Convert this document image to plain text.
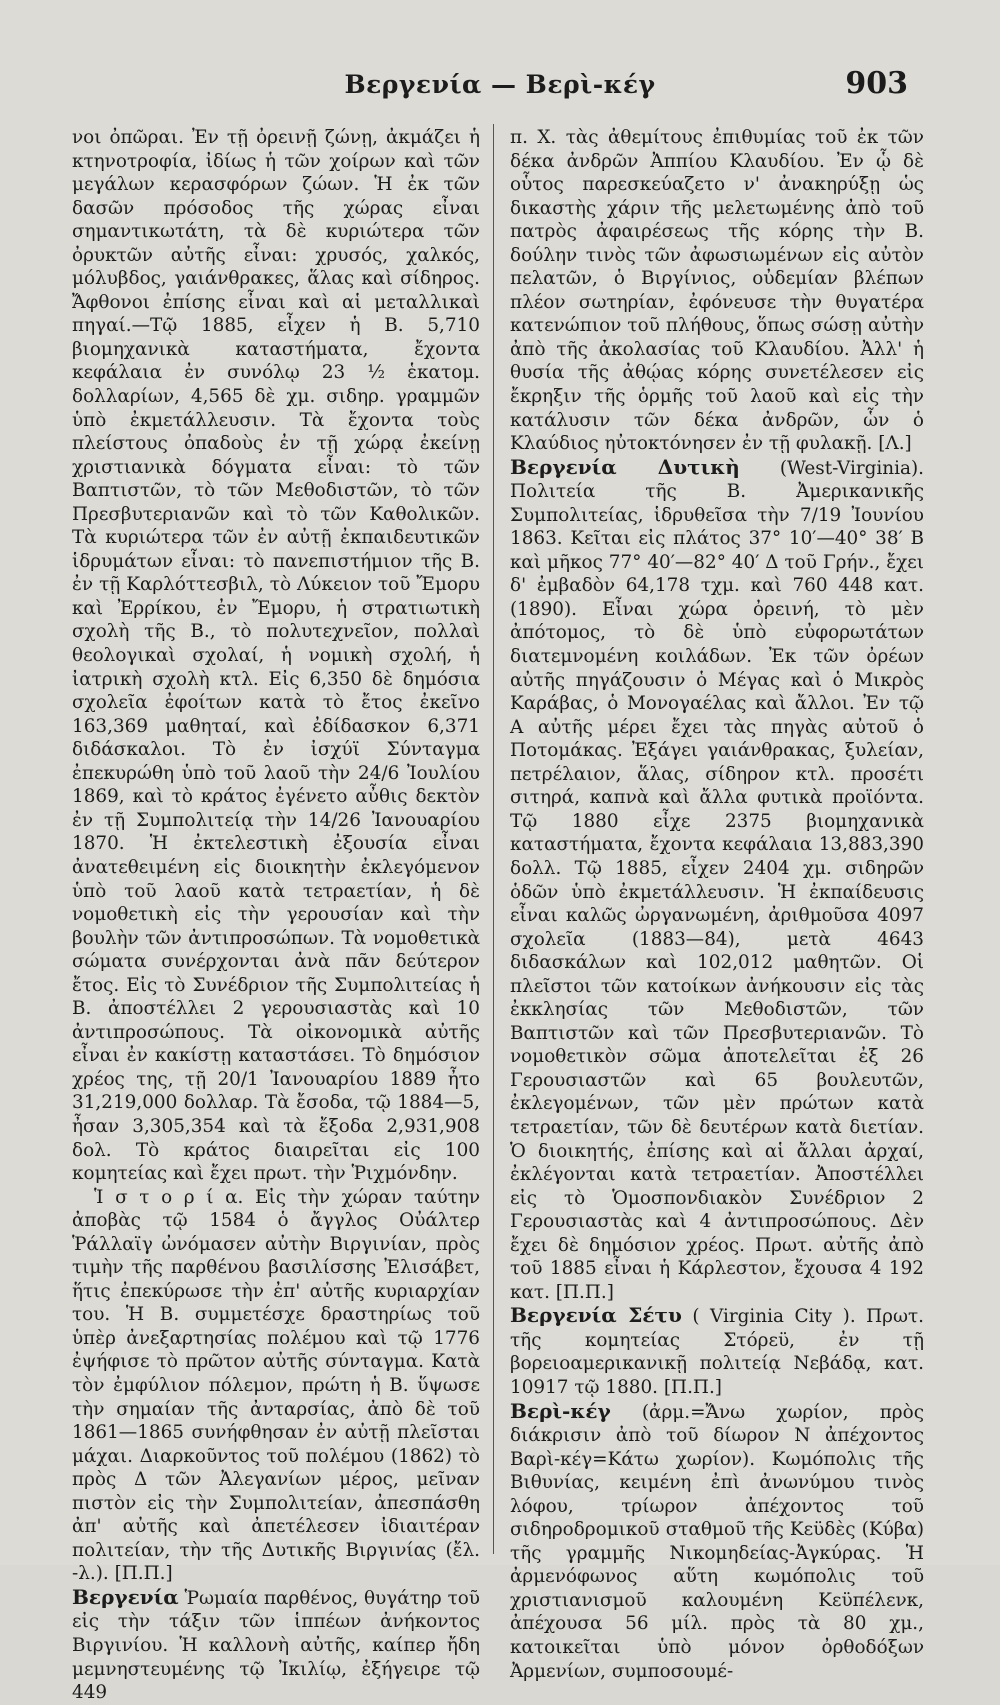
Βεργενία — Βερὶ-κέγ	903

νοι ὀπῶραι. Ἐν τῇ ὀρεινῇ ζώνῃ, ἀκμάζει ἡ κτηνοτροφία, ἰδίως ἡ τῶν χοίρων καὶ τῶν μεγάλων κερασφόρων ζώων. Ἡ ἐκ τῶν δασῶν πρόσοδος τῆς χώρας εἶναι σημαντικωτάτη, τὰ δὲ κυριώτερα τῶν ὀρυκτῶν αὐτῆς εἶναι: χρυσός, χαλκός, μόλυβδος, γαιάνθρακες, ἅλας καὶ σίδηρος. Ἄφθονοι ἐπίσης εἶναι καὶ αἱ μεταλλικαὶ πηγαί.—Τῷ 1885, εἶχεν ἡ Β. 5,710 βιομηχανικὰ καταστήματα, ἔχοντα κεφάλαια ἐν συνόλῳ 23 ½ ἑκατομ. δολλαρίων, 4,565 δὲ χμ. σιδηρ. γραμμῶν ὑπὸ ἐκμετάλλευσιν. Τὰ ἔχοντα τοὺς πλείστους ὀπαδοὺς ἐν τῇ χώρᾳ ἐκείνῃ χριστιανικὰ δόγματα εἶναι: τὸ τῶν Βαπτιστῶν, τὸ τῶν Μεθοδιστῶν, τὸ τῶν Πρεσβυτεριανῶν καὶ τὸ τῶν Καθολικῶν. Τὰ κυριώτερα τῶν ἐν αὐτῇ ἐκπαιδευτικῶν ἱδρυμάτων εἶναι: τὸ πανεπιστήμιον τῆς Β. ἐν τῇ Καρλόττεσβιλ, τὸ Λύκειον τοῦ Ἔμορυ καὶ Ἐρρίκου, ἐν Ἔμορυ, ἡ στρατιωτικὴ σχολὴ τῆς Β., τὸ πολυτεχνεῖον, πολλαὶ θεολογικαὶ σχολαί, ἡ νομικὴ σχολή, ἡ ἰατρικὴ σχολὴ κτλ. Εἰς 6,350 δὲ δημόσια σχολεῖα ἐφοίτων κατὰ τὸ ἔτος ἐκεῖνο 163,369 μαθηταί, καὶ ἐδίδασκον 6,371 διδάσκαλοι. Τὸ ἐν ἰσχύϊ Σύνταγμα ἐπεκυρώθη ὑπὸ τοῦ λαοῦ τὴν 24/6 Ἰουλίου 1869, καὶ τὸ κράτος ἐγένετο αὖθις δεκτὸν ἐν τῇ Συμπολιτείᾳ τὴν 14/26 Ἰανουαρίου 1870. Ἡ ἐκτελεστικὴ ἐξουσία εἶναι ἀνατεθειμένη εἰς διοικητὴν ἐκλεγόμενον ὑπὸ τοῦ λαοῦ κατὰ τετραετίαν, ἡ δὲ νομοθετικὴ εἰς τὴν γερουσίαν καὶ τὴν βουλὴν τῶν ἀντιπροσώπων. Τὰ νομοθετικὰ σώματα συνέρχονται ἀνὰ πᾶν δεύτερον ἔτος. Εἰς τὸ Συνέδριον τῆς Συμπολιτείας ἡ Β. ἀποστέλλει 2 γερουσιαστὰς καὶ 10 ἀντιπροσώπους. Τὰ οἰκονομικὰ αὐτῆς εἶναι ἐν κακίστῃ καταστάσει. Τὸ δημόσιον χρέος της, τῇ 20/1 Ἰανουαρίου 1889 ἦτο 31,219,000 δολλαρ. Τὰ ἔσοδα, τῷ 1884—5, ἦσαν 3,305,354 καὶ τὰ ἔξοδα 2,931,908 δολ. Τὸ κράτος διαιρεῖται εἰς 100 κομητείας καὶ ἔχει πρωτ. τὴν Ῥιχμόνδην.

Ἱ σ τ ο ρ ί α. Εἰς τὴν χώραν ταύτην ἀποβὰς τῷ 1584 ὁ ἄγγλος Οὐάλτερ Ῥάλλαϊγ ὠνόμασεν αὐτὴν Βιργινίαν, πρὸς τιμὴν τῆς παρθένου βασιλίσσης Ἐλισάβετ, ἥτις ἐπεκύρωσε τὴν ἐπ' αὐτῆς κυριαρχίαν του. Ἡ Β. συμμετέσχε δραστηρίως τοῦ ὑπὲρ ἀνεξαρτησίας πολέμου καὶ τῷ 1776 ἐψήφισε τὸ πρῶτον αὐτῆς σύνταγμα. Κατὰ τὸν ἐμφύλιον πόλεμον, πρώτη ἡ Β. ὕψωσε τὴν σημαίαν τῆς ἀνταρσίας, ἀπὸ δὲ τοῦ 1861—1865 συνήφθησαν ἐν αὐτῇ πλεῖσται μάχαι. Διαρκοῦντος τοῦ πολέμου (1862) τὸ πρὸς Δ τῶν Ἀλεγανίων μέρος, μεῖναν πιστὸν εἰς τὴν Συμπολιτείαν, ἀπεσπάσθη ἀπ' αὐτῆς καὶ ἀπετέλεσεν ἰδιαιτέραν πολιτείαν, τὴν τῆς Δυτικῆς Βιργινίας (ἔλ. -λ.). [Π.Π.]

Βεργενία Ῥωμαία παρθένος, θυγάτηρ τοῦ εἰς τὴν τάξιν τῶν ἱππέων ἀνήκοντος Βιργινίου. Ἡ καλλονὴ αὐτῆς, καίπερ ἤδη μεμνηστευμένης τῷ Ἰκιλίῳ, ἐξήγειρε τῷ 449

π. Χ. τὰς ἀθεμίτους ἐπιθυμίας τοῦ ἐκ τῶν δέκα ἀνδρῶν Ἀππίου Κλαυδίου. Ἐν ᾧ δὲ οὗτος παρεσκεύαζετο ν' ἀνακηρύξῃ ὡς δικαστὴς χάριν τῆς μελετωμένης ἀπὸ τοῦ πατρὸς ἀφαιρέσεως τῆς κόρης τὴν Β. δούλην τινὸς τῶν ἀφωσιωμένων εἰς αὐτὸν πελατῶν, ὁ Βιργίνιος, οὐδεμίαν βλέπων πλέον σωτηρίαν, ἐφόνευσε τὴν θυγατέρα κατενώπιον τοῦ πλήθους, ὅπως σώσῃ αὐτὴν ἀπὸ τῆς ἀκολασίας τοῦ Κλαυδίου. Ἀλλ' ἡ θυσία τῆς ἀθῴας κόρης συνετέλεσεν εἰς ἔκρηξιν τῆς ὁρμῆς τοῦ λαοῦ καὶ εἰς τὴν κατάλυσιν τῶν δέκα ἀνδρῶν, ὧν ὁ Κλαύδιος ηὐτοκτόνησεν ἐν τῇ φυλακῇ. [Λ.]

Βεργενία Δυτικὴ (West-Virginia). Πολιτεία τῆς Β. Ἀμερικανικῆς Συμπολιτείας, ἱδρυθεῖσα τὴν 7/19 Ἰουνίου 1863. Κεῖται εἰς πλάτος 37° 10′—40° 38′ Β καὶ μῆκος 77° 40′—82° 40′ Δ τοῦ Γρήν., ἔχει δ' ἐμβαδὸν 64,178 τχμ. καὶ 760 448 κατ. (1890). Εἶναι χώρα ὀρεινή, τὸ μὲν ἀπότομος, τὸ δὲ ὑπὸ εὐφορωτάτων διατεμνομένη κοιλάδων. Ἐκ τῶν ὀρέων αὐτῆς πηγάζουσιν ὁ Μέγας καὶ ὁ Μικρὸς Καράβας, ὁ Μονογαέλας καὶ ἄλλοι. Ἐν τῷ Α αὐτῆς μέρει ἔχει τὰς πηγὰς αὐτοῦ ὁ Ποτομάκας. Ἐξάγει γαιάνθρακας, ξυλείαν, πετρέλαιον, ἅλας, σίδηρον κτλ. προσέτι σιτηρά, καπνὰ καὶ ἄλλα φυτικὰ προϊόντα. Τῷ 1880 εἶχε 2375 βιομηχανικὰ καταστήματα, ἔχοντα κεφάλαια 13,883,390 δολλ. Τῷ 1885, εἶχεν 2404 χμ. σιδηρῶν ὁδῶν ὑπὸ ἐκμετάλλευσιν. Ἡ ἐκπαίδευσις εἶναι καλῶς ὠργανωμένη, ἀριθμοῦσα 4097 σχολεῖα (1883—84), μετὰ 4643 διδασκάλων καὶ 102,012 μαθητῶν. Οἱ πλεῖστοι τῶν κατοίκων ἀνήκουσιν εἰς τὰς ἐκκλησίας τῶν Μεθοδιστῶν, τῶν Βαπτιστῶν καὶ τῶν Πρεσβυτεριανῶν. Τὸ νομοθετικὸν σῶμα ἀποτελεῖται ἐξ 26 Γερουσιαστῶν καὶ 65 βουλευτῶν, ἐκλεγομένων, τῶν μὲν πρώτων κατὰ τετραετίαν, τῶν δὲ δευτέρων κατὰ διετίαν. Ὁ διοικητής, ἐπίσης καὶ αἱ ἄλλαι ἀρχαί, ἐκλέγονται κατὰ τετραετίαν. Ἀποστέλλει εἰς τὸ Ὁμοσπονδιακὸν Συνέδριον 2 Γερουσιαστὰς καὶ 4 ἀντιπροσώπους. Δὲν ἔχει δὲ δημόσιον χρέος. Πρωτ. αὐτῆς ἀπὸ τοῦ 1885 εἶναι ἡ Κάρλεστον, ἔχουσα 4 192 κατ. [Π.Π.]

Βεργενία Σέτυ ( Virginia City ). Πρωτ. τῆς κομητείας Στόρεϋ, ἐν τῇ βορειοαμερικανικῇ πολιτείᾳ Νεβάδᾳ, κατ. 10917 τῷ 1880. [Π.Π.]

Βερὶ-κέγ (ἀρμ.=Ἄνω χωρίον, πρὸς διάκρισιν ἀπὸ τοῦ δίωρον Ν ἀπέχοντος Βαρὶ-κέγ=Κάτω χωρίον). Κωμόπολις τῆς Βιθυνίας, κειμένη ἐπὶ ἀνωνύμου τινὸς λόφου, τρίωρον ἀπέχοντος τοῦ σιδηροδρομικοῦ σταθμοῦ τῆς Κεϋδὲς (Κύβα) τῆς γραμμῆς Νικομηδείας-Ἀγκύρας. Ἡ ἀρμενόφωνος αὕτη κωμόπολις τοῦ χριστιανισμοῦ καλουμένη Κεϋπέλενκ, ἀπέχουσα 56 μίλ. πρὸς τὰ 80 χμ., κατοικεῖται ὑπὸ μόνον ὀρθοδόξων Ἀρμενίων, συμποσουμέ-
